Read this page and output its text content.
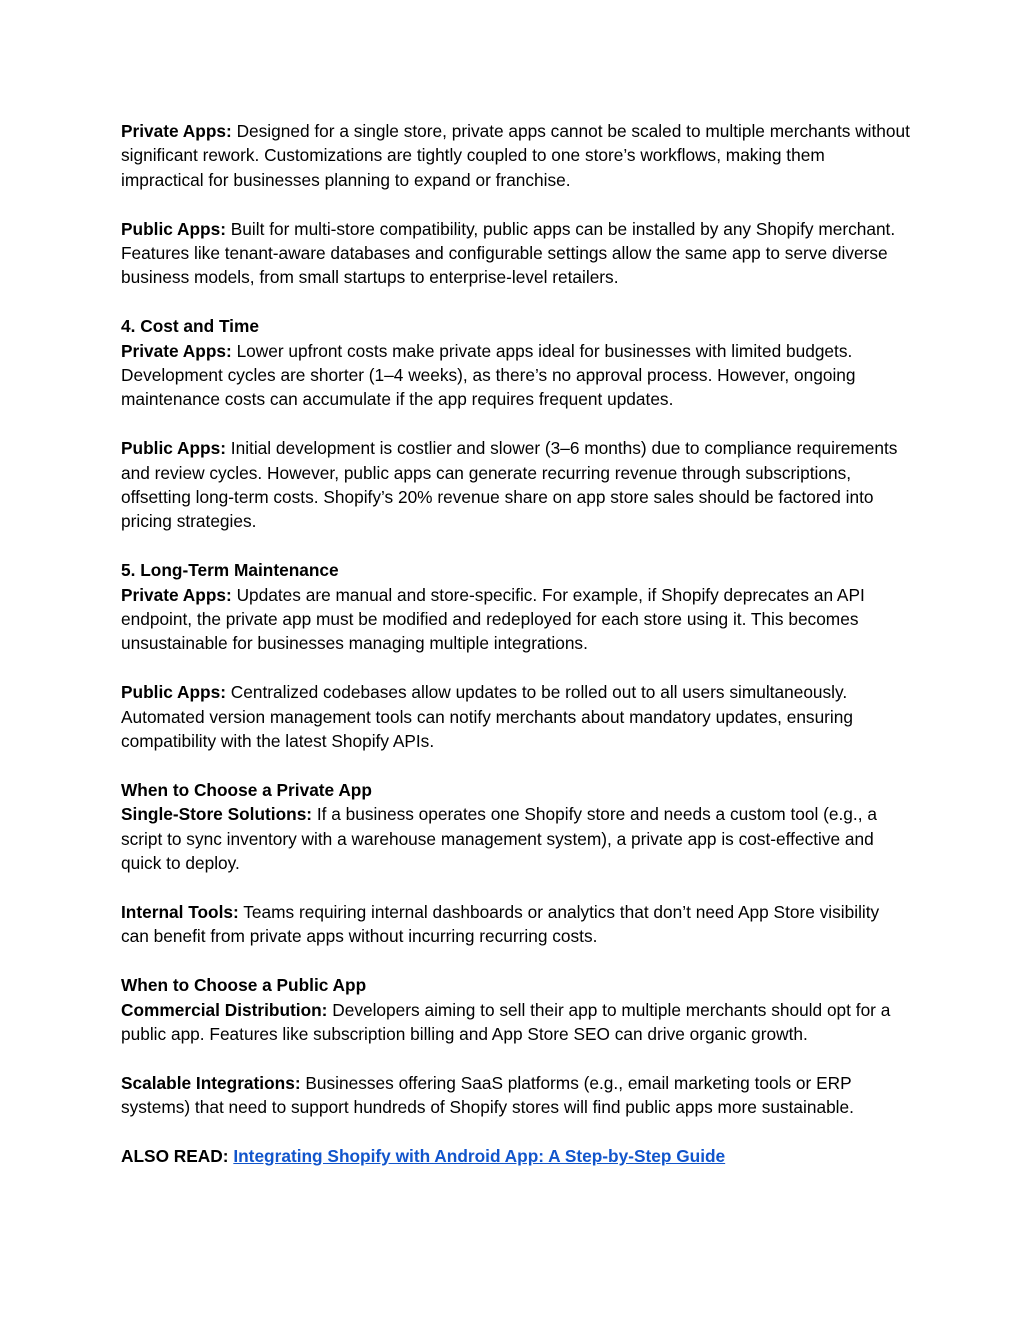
Private Apps: Designed for a single store, private apps cannot be scaled to multiple merchants without significant rework. Customizations are tightly coupled to one store’s workflows, making them impractical for businesses planning to expand or franchise.

Public Apps: Built for multi-store compatibility, public apps can be installed by any Shopify merchant. Features like tenant-aware databases and configurable settings allow the same app to serve diverse business models, from small startups to enterprise-level retailers.

4. Cost and Time

Private Apps: Lower upfront costs make private apps ideal for businesses with limited budgets. Development cycles are shorter (1–4 weeks), as there’s no approval process. However, ongoing maintenance costs can accumulate if the app requires frequent updates.

Public Apps: Initial development is costlier and slower (3–6 months) due to compliance requirements and review cycles. However, public apps can generate recurring revenue through subscriptions, offsetting long-term costs. Shopify’s 20% revenue share on app store sales should be factored into pricing strategies.

5. Long-Term Maintenance

Private Apps: Updates are manual and store-specific. For example, if Shopify deprecates an API endpoint, the private app must be modified and redeployed for each store using it. This becomes unsustainable for businesses managing multiple integrations.

Public Apps: Centralized codebases allow updates to be rolled out to all users simultaneously. Automated version management tools can notify merchants about mandatory updates, ensuring compatibility with the latest Shopify APIs.

When to Choose a Private App

Single-Store Solutions: If a business operates one Shopify store and needs a custom tool (e.g., a script to sync inventory with a warehouse management system), a private app is cost-effective and quick to deploy.

Internal Tools: Teams requiring internal dashboards or analytics that don’t need App Store visibility can benefit from private apps without incurring recurring costs.

When to Choose a Public App

Commercial Distribution: Developers aiming to sell their app to multiple merchants should opt for a public app. Features like subscription billing and App Store SEO can drive organic growth.

Scalable Integrations: Businesses offering SaaS platforms (e.g., email marketing tools or ERP systems) that need to support hundreds of Shopify stores will find public apps more sustainable.

ALSO READ: Integrating Shopify with Android App: A Step-by-Step Guide
